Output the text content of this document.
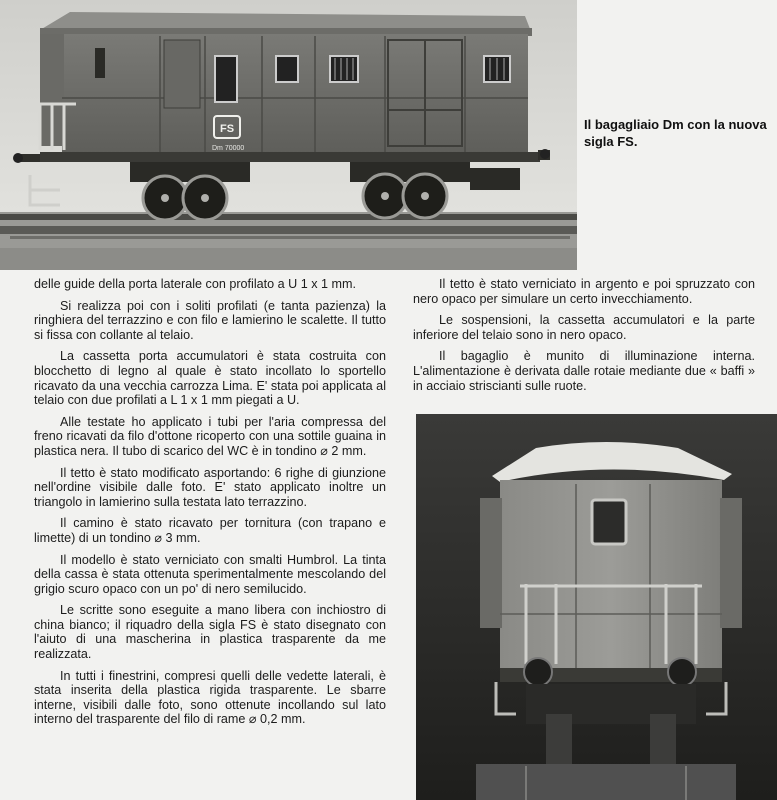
FS
Dm 70000
Il bagagliaio Dm con la nuova sigla FS.

delle guide della porta laterale con profilato a U 1 x 1 mm.

Si realizza poi con i soliti profilati (e tanta pazienza) la ringhiera del terrazzino e con filo e lamierino le scalette. Il tutto si fissa con collante al telaio.

La cassetta porta accumulatori è stata costruita con blocchetto di legno al quale è stato incollato lo sportello ricavato da una vecchia carrozza Lima. E' stata poi applicata al telaio con due profilati a L 1 x 1 mm piegati a U.

Alle testate ho applicato i tubi per l'aria compressa del freno ricavati da filo d'ottone ricoperto con una sottile guaina in plastica nera. Il tubo di scarico del WC è in tondino ⌀ 2 mm.

Il tetto è stato modificato asportando: 6 righe di giunzione nell'ordine visibile dalle foto. E' stato applicato inoltre un triangolo in lamierino sulla testata lato terrazzino.

Il camino è stato ricavato per tornitura (con trapano e limette) di un tondino ⌀ 3 mm.

Il modello è stato verniciato con smalti Humbrol. La tinta della cassa è stata ottenuta sperimentalmente mescolando del grigio scuro opaco con un po' di nero semilucido.

Le scritte sono eseguite a mano libera con inchiostro di china bianco; il riquadro della sigla FS è stato disegnato con l'aiuto di una mascherina in plastica trasparente da me realizzata.

In tutti i finestrini, compresi quelli delle vedette laterali, è stata inserita della plastica rigida trasparente. Le sbarre interne, visibili dalle foto, sono ottenute incollando sul lato interno del trasparente del filo di rame ⌀ 0,2 mm.

Il tetto è stato verniciato in argento e poi spruzzato con nero opaco per simulare un certo invecchiamento.

Le sospensioni, la cassetta accumulatori e la parte inferiore del telaio sono in nero opaco.

Il bagaglio è munito di illuminazione interna. L'alimentazione è derivata dalle rotaie mediante due « baffi » in acciaio striscianti sulle ruote.
